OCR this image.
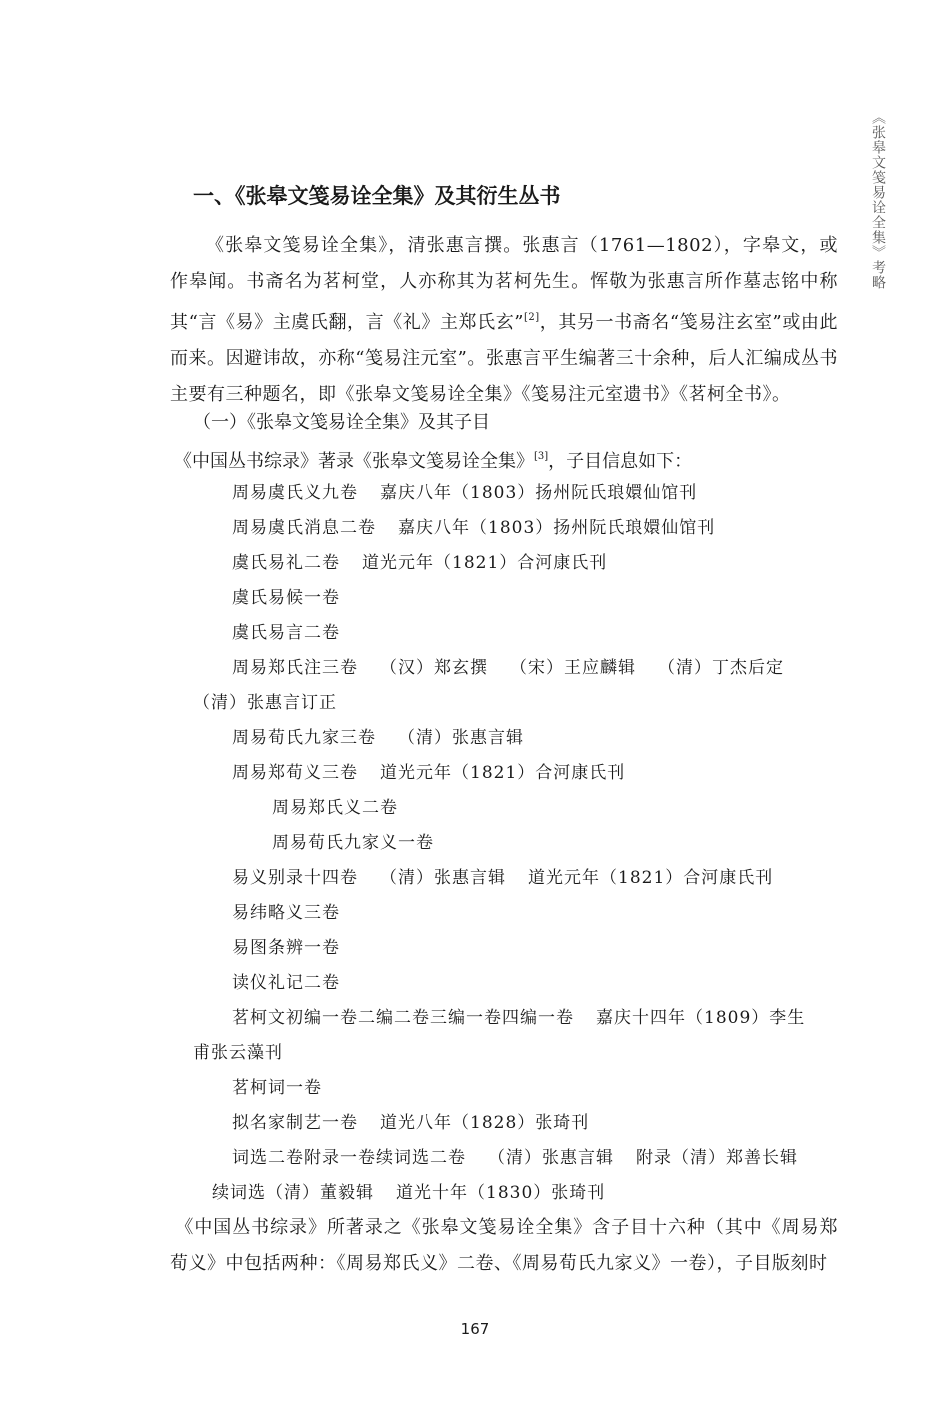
《张皋文笺易诠全集》考略
一、《张皋文笺易诠全集》及其衍生丛书

《张皋文笺易诠全集》，清张惠言撰。张惠言（1761—1802），字皋文，或作皋闻。书斋名为茗柯堂，人亦称其为茗柯先生。恽敬为张惠言所作墓志铭中称其“言《易》主虞氏翻，言《礼》主郑氏玄”[2]，其另一书斋名“笺易注玄室”或由此而来。因避讳故，亦称“笺易注元室”。张惠言平生编著三十余种，后人汇编成丛书主要有三种题名，即《张皋文笺易诠全集》《笺易注元室遗书》《茗柯全书》。

（一）《张皋文笺易诠全集》及其子目

《中国丛书综录》著录《张皋文笺易诠全集》[3]，子目信息如下：

周易虞氏义九卷 嘉庆八年（1803）扬州阮氏琅嬛仙馆刊

周易虞氏消息二卷 嘉庆八年（1803）扬州阮氏琅嬛仙馆刊

虞氏易礼二卷 道光元年（1821）合河康氏刊

虞氏易候一卷

虞氏易言二卷

周易郑氏注三卷 （汉）郑玄撰 （宋）王应麟辑 （清）丁杰后定

（清）张惠言订正

周易荀氏九家三卷 （清）张惠言辑

周易郑荀义三卷 道光元年（1821）合河康氏刊

周易郑氏义二卷

周易荀氏九家义一卷

易义别录十四卷 （清）张惠言辑 道光元年（1821）合河康氏刊

易纬略义三卷

易图条辨一卷

读仪礼记二卷

茗柯文初编一卷二编二卷三编一卷四编一卷 嘉庆十四年（1809）李生

甫张云藻刊

茗柯词一卷

拟名家制艺一卷 道光八年（1828）张琦刊

词选二卷附录一卷续词选二卷 （清）张惠言辑 附录（清）郑善长辑

续词选（清）董毅辑 道光十年（1830）张琦刊

《中国丛书综录》所著录之《张皋文笺易诠全集》含子目十六种（其中《周易郑荀义》中包括两种：《周易郑氏义》二卷、《周易荀氏九家义》一卷），子目版刻时

167
